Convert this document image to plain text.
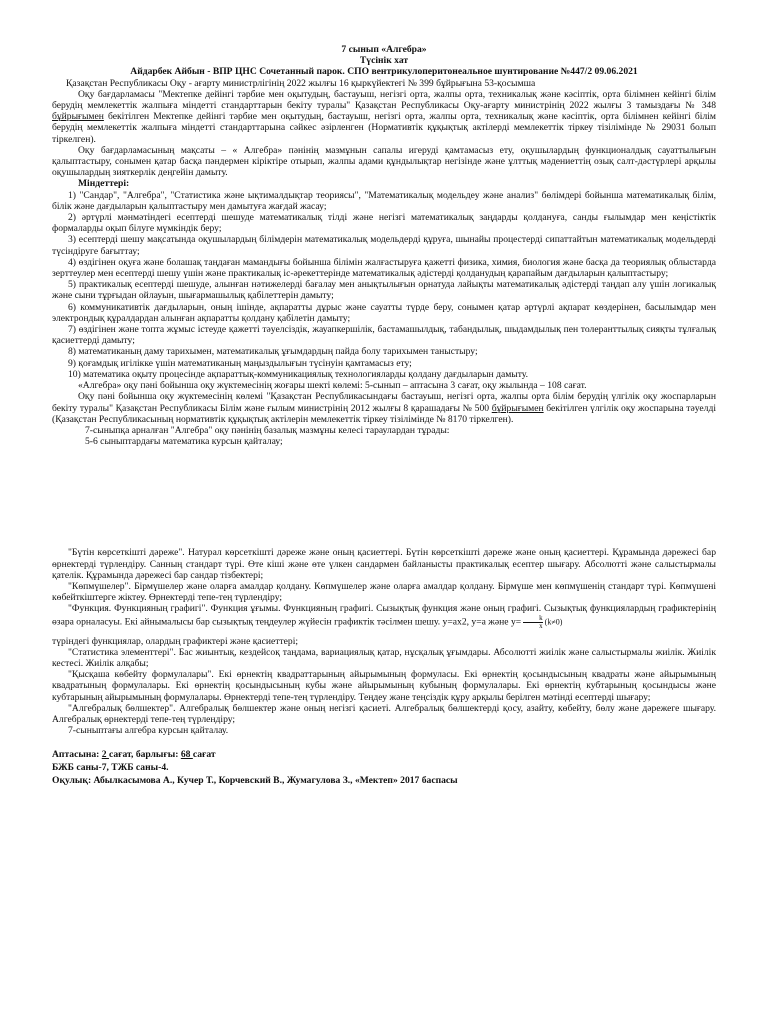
7 сынып «Алгебра»
Түсінік хат
Айдарбек Айбын - ВПР ЦНС Сочетанный парок. СПО вентрикулоперитонеальное шунтирование №447/2 09.06.2021

Қазақстан Республикасы Оқу - ағарту министрлігінің 2022 жылғы 16 қыркүйектегі № 399 бұйрығына 53-қосымша

Оқу бағдарламасы "Мектепке дейінгі тәрбие мен оқытудың, бастауыш, негізгі орта, жалпы орта, техникалық және кәсіптік, орта білімнен кейінгі білім берудің мемлекеттік жалпыға міндетті стандарттарын бекіту туралы" Қазақстан Республикасы Оқу-ағарту министрінің 2022 жылғы 3 тамыздағы № 348 бұйрығымен бекітілген Мектепке дейінгі тәрбие мен оқытудың, бастауыш, негізгі орта, жалпы орта, техникалық және кәсіптік, орта білімнен кейінгі білім берудің мемлекеттік жалпыға міндетті стандарттарына сәйкес әзірленген (Нормативтік құқықтық актілерді мемлекеттік тіркеу тізілімінде № 29031 болып тіркелген).

Оқу бағдарламасының мақсаты – « Алгебра» пәнінің мазмұнын сапалы игеруді қамтамасыз ету, оқушылардың функционалдық сауаттылығын қалыптастыру, сонымен қатар басқа пәндермен кіріктіре отырып, жалпы адами құндылықтар негізінде және ұлттық мәдениеттің озық салт-дәстүрлері арқылы оқушылардың зияткерлік деңгейін дамыту.

Міндеттері:

1) "Сандар", "Алгебра", "Статистика және ықтималдықтар теориясы", "Математикалық модельдеу және анализ" бөлімдері бойынша математикалық білім, білік және дағдыларын қалыптастыру мен дамытуға жағдай жасау;

2) әртүрлі мәнмәтіндегі есептерді шешуде математикалық тілді және негізгі математикалық заңдарды қолдануға, санды ғылымдар мен кеңістіктік формаларды оқып білуге мүмкіндік беру;

3) есептерді шешу мақсатында оқушылардың білімдерін математикалық модельдерді құруға, шынайы процестерді сипаттайтын математикалық модельдерді түсіндіруге бағыттау;

4) өздігінен оқуға және болашақ таңдаған мамандығы бойынша білімін жалғастыруға қажетті физика, химия, биология және басқа да теориялық облыстарда зерттеулер мен есептерді шешу үшін және практикалық іс-әрекеттерінде математикалық әдістерді қолданудың қарапайым дағдыларын қалыптастыру;

5) практикалық есептерді шешуде, алынған нәтижелерді бағалау мен анықтылығын орнатуда лайықты математикалық әдістерді таңдап алу үшін логикалық және сыни тұрғыдан ойлауын, шығармашылық қабілеттерін дамыту;

6) коммуникативтік дағдыларын, оның ішінде, ақпаратты дұрыс және сауатты түрде беру, сонымен қатар әртүрлі ақпарат көздерінен, басылымдар мен электрондық құралдардан алынған ақпаратты қолдану қабілетін дамыту;

7) өздігінен және топта жұмыс істеуде қажетті тәуелсіздік, жауапкершілік, бастамашылдық, табандылық, шыдамдылық пен толеранттылық сияқты тұлғалық қасиеттерді дамыту;

8) математиканың даму тарихымен, математикалық ұғымдардың пайда болу тарихымен таныстыру;

9) қоғамдық игілікке үшін математиканың маңыздылығын түсінуін қамтамасыз ету;

10) математика оқыту процесінде ақпараттық-коммуникациялық технологияларды қолдану дағдыларын дамыту.

«Алгебра» оқу пәні бойынша оқу жүктемесінің жоғары шекті көлемі: 5-сынып – аптасына 3 сағат, оқу жылында – 108 сағат.

Оқу пәні бойынша оқу жүктемесінің көлемі "Қазақстан Республикасындағы бастауыш, негізгі орта, жалпы орта білім берудің үлгілік оқу жоспарларын бекіту туралы" Қазақстан Республикасы Білім және ғылым министрінің 2012 жылғы 8 қарашадағы № 500 бұйрығымен бекітілген үлгілік оқу жоспарына тәуелді (Қазақстан Республикасының нормативтік құқықтық актілерін мемлекеттік тіркеу тізілімінде № 8170 тіркелген).

7-сыныпқа арналған "Алгебра" оқу пәнінің базалық мазмұны келесі тараулардан тұрады:

5-6 сыныптардағы математика курсын қайталау;

"Бүтін көрсеткішті дәреже". Натурал көрсеткішті дәреже және оның қасиеттері. Бүтін көрсеткішті дәреже және оның қасиеттері. Құрамында дәрежесі бар өрнектерді түрлендіру. Санның стандарт түрі. Өте кіші және өте үлкен сандармен байланысты практикалық есептер шығару. Абсолютті және салыстырмалы қателік. Құрамында дәрежесі бар сандар тізбектері;

"Көпмүшелер". Бірмүшелер және оларға амалдар қолдану. Көпмүшелер және оларға амалдар қолдану. Бірмүше мен көпмүшенің стандарт түрі. Көпмүшені көбейткіштерге жіктеу. Өрнектерді тепе-тең түрлендіру;

"Функция. Функцияның графигі". Функция ұғымы. Функцияның графигі. Сызықтық функция және оның графигі. Сызықтық функциялардың графиктерінің өзара орналасуы. Екі айнымалысы бар сызықтық теңдеулер жүйесін графиктік тәсілмен шешу. y=ax2, y=a және $y= \frac{k}{x} (k\ne 0)$

түріндегі функциялар, олардың графиктері және қасиеттері;

"Статистика элементтері". Бас жиынтық, кездейсоқ таңдама, вариациялық қатар, нұсқалық ұғымдары. Абсолютті жиілік және салыстырмалы жиілік. Жиілік кестесі. Жиілік алқабы;

"Қысқаша көбейту формулалары". Екі өрнектің квадраттарының айырымының формуласы. Екі өрнектің қосындысының квадраты және айырымының квадратының формулалары. Екі өрнектің қосындысының кубы және айырымының кубының формулалары. Екі өрнектің кубтарының қосындысы және кубтарының айырымының формулалары. Өрнектерді тепе-тең түрлендіру. Теңдеу және теңсіздік құру арқылы берілген мәтінді есептерді шығару;

"Алгебралық бөлшектер". Алгебралық бөлшектер және оның негізгі қасиеті. Алгебралық бөлшектерді қосу, азайту, көбейту, бөлу және дәрежеге шығару. Алгебралық өрнектерді тепе-тең түрлендіру;

7-сыныптағы алгебра курсын қайталау.

Аптасына: 2 сағат, барлығы: 68 сағат
БЖБ саны-7, ТЖБ саны-4.
Оқулық: Абылкасымова А., Кучер Т., Корчевский В., Жумагулова З., «Мектеп» 2017 баспасы
